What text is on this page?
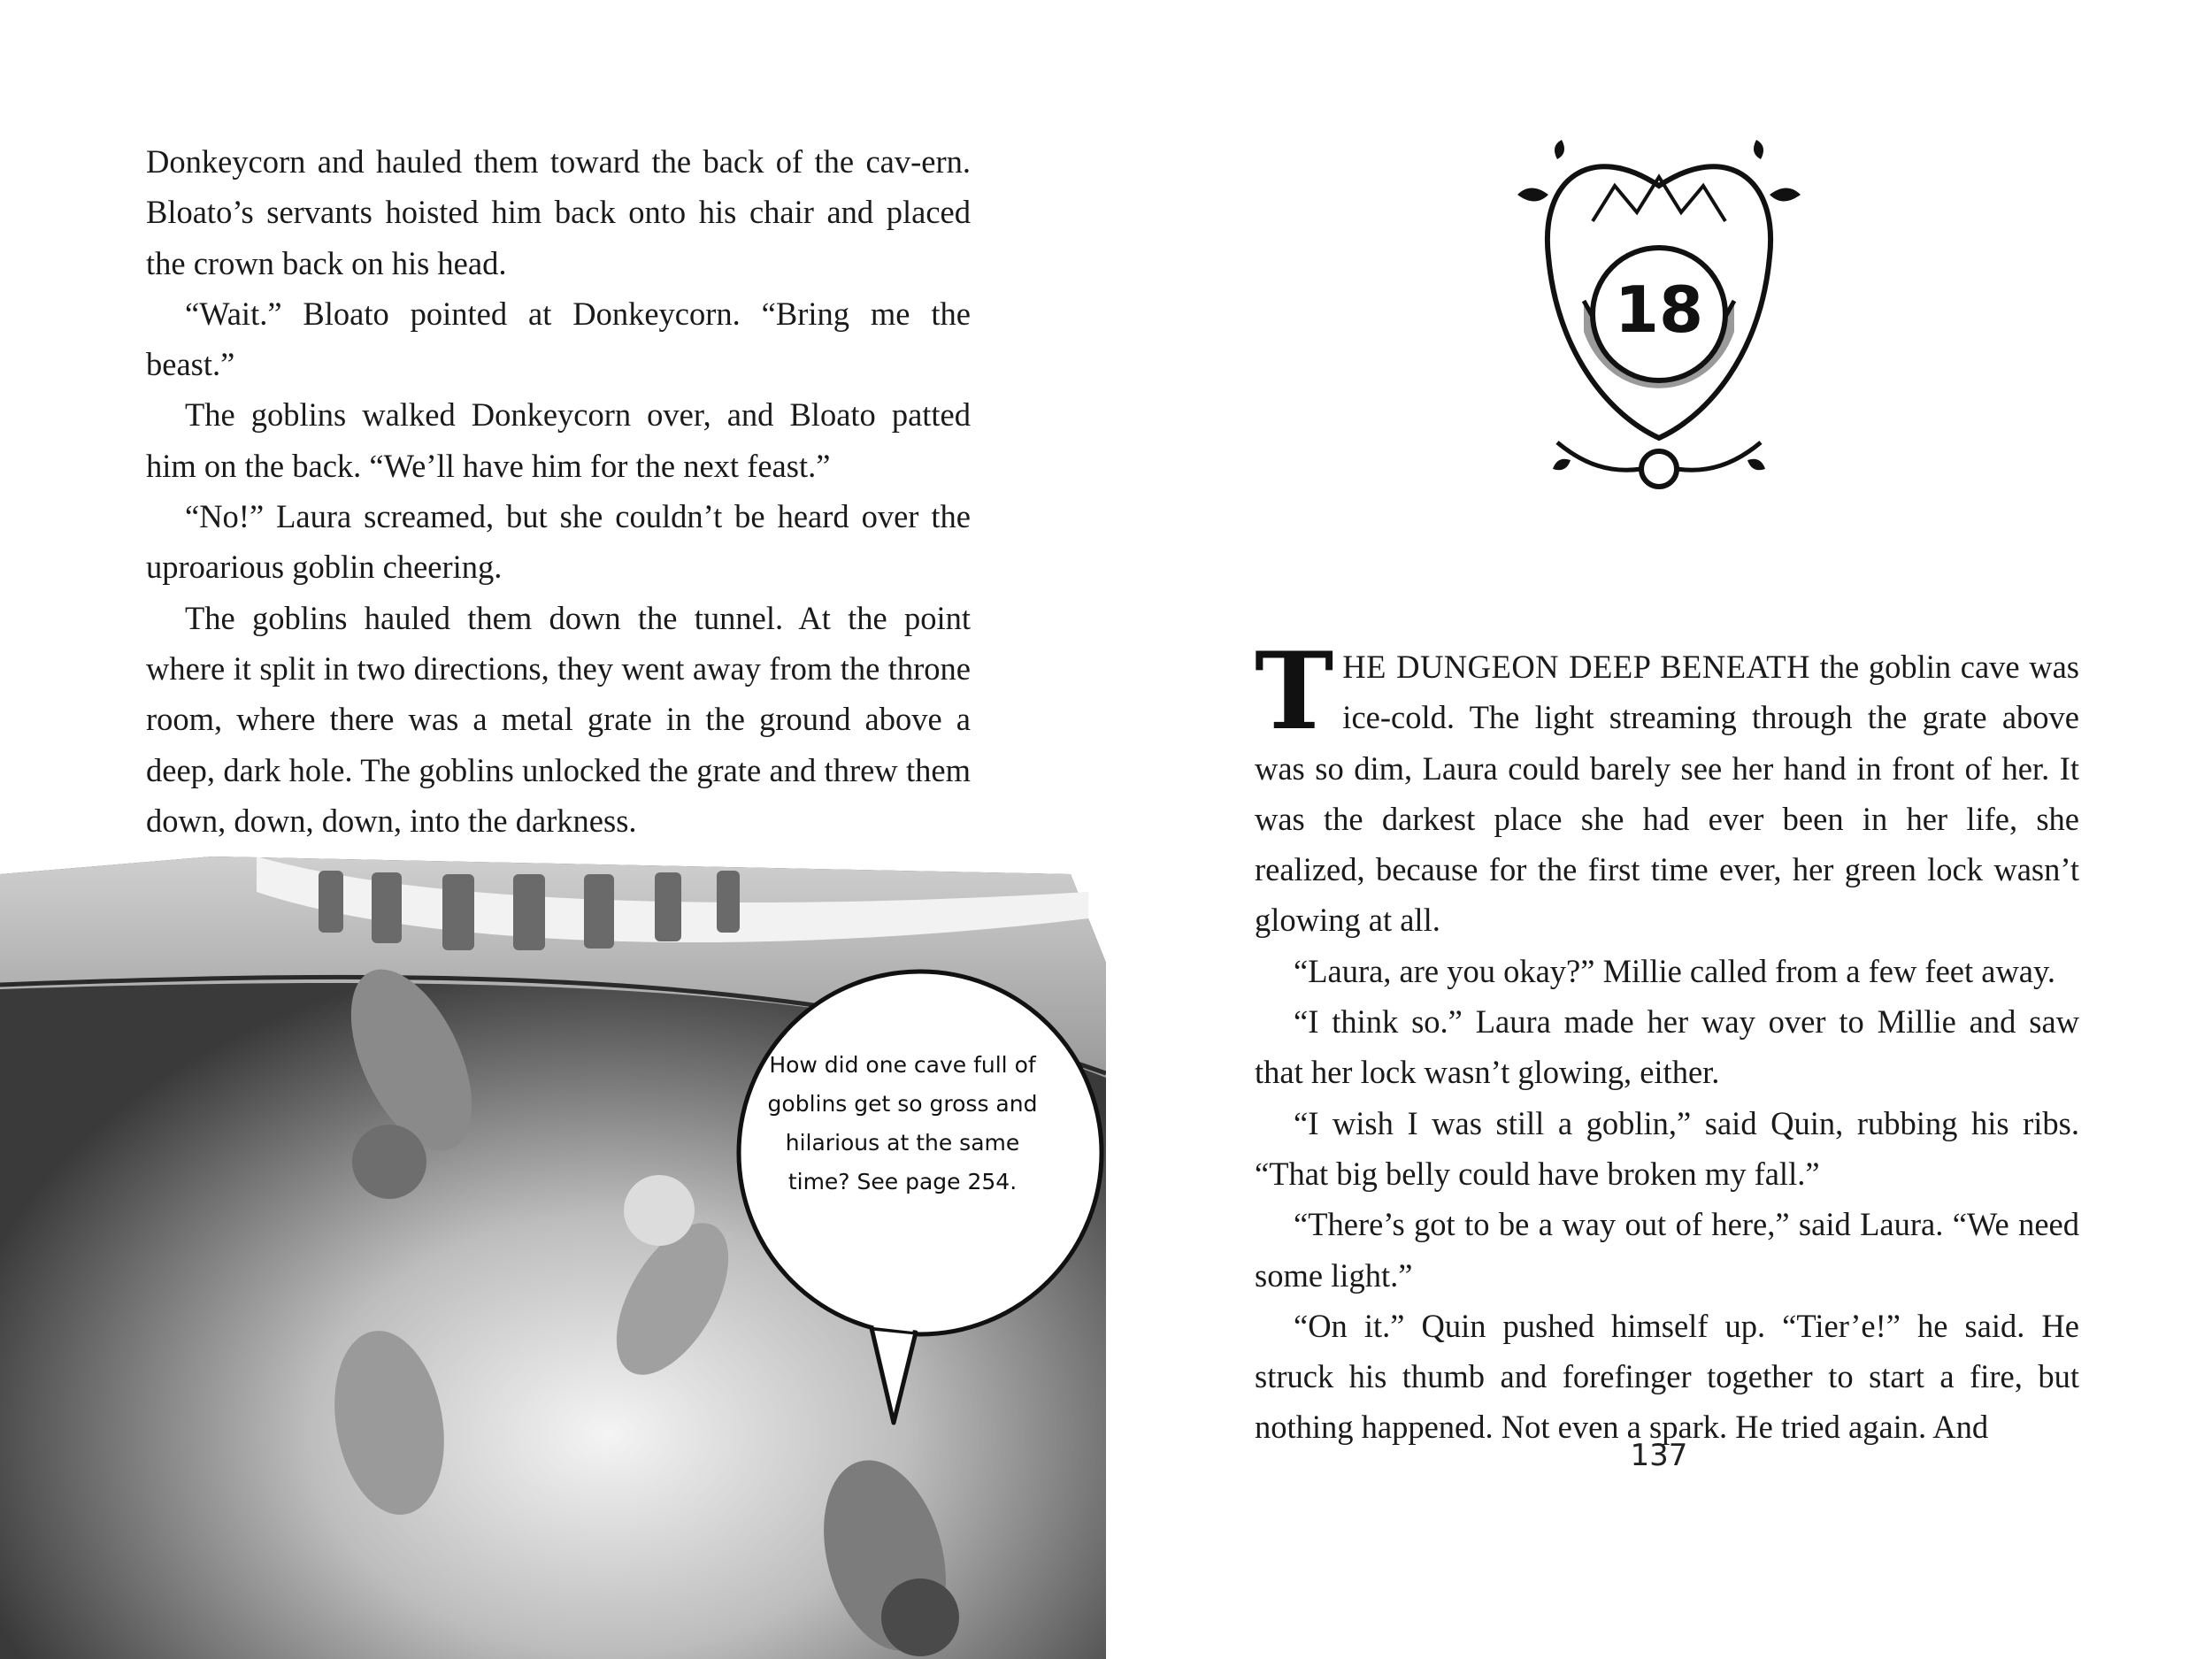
Donkeycorn and hauled them toward the back of the cav-ern. Bloato’s servants hoisted him back onto his chair and placed the crown back on his head.

“Wait.” Bloato pointed at Donkeycorn. “Bring me the beast.”

The goblins walked Donkeycorn over, and Bloato patted him on the back. “We’ll have him for the next feast.”

“No!” Laura screamed, but she couldn’t be heard over the uproarious goblin cheering.

The goblins hauled them down the tunnel. At the point where it split in two directions, they went away from the throne room, where there was a metal grate in the ground above a deep, dark hole. The goblins unlocked the grate and threw them down, down, down, into the darkness.

How did one cave full of goblins get so gross and hilarious at the same time? See page 254.
18

THE DUNGEON DEEP BENEATH the goblin cave was ice-cold. The light streaming through the grate above was so dim, Laura could barely see her hand in front of her. It was the darkest place she had ever been in her life, she realized, because for the first time ever, her green lock wasn’t glowing at all.

“Laura, are you okay?” Millie called from a few feet away.

“I think so.” Laura made her way over to Millie and saw that her lock wasn’t glowing, either.

“I wish I was still a goblin,” said Quin, rubbing his ribs. “That big belly could have broken my fall.”

“There’s got to be a way out of here,” said Laura. “We need some light.”

“On it.” Quin pushed himself up. “Tier’e!” he said. He struck his thumb and forefinger together to start a fire, but nothing happened. Not even a spark. He tried again. And

137
